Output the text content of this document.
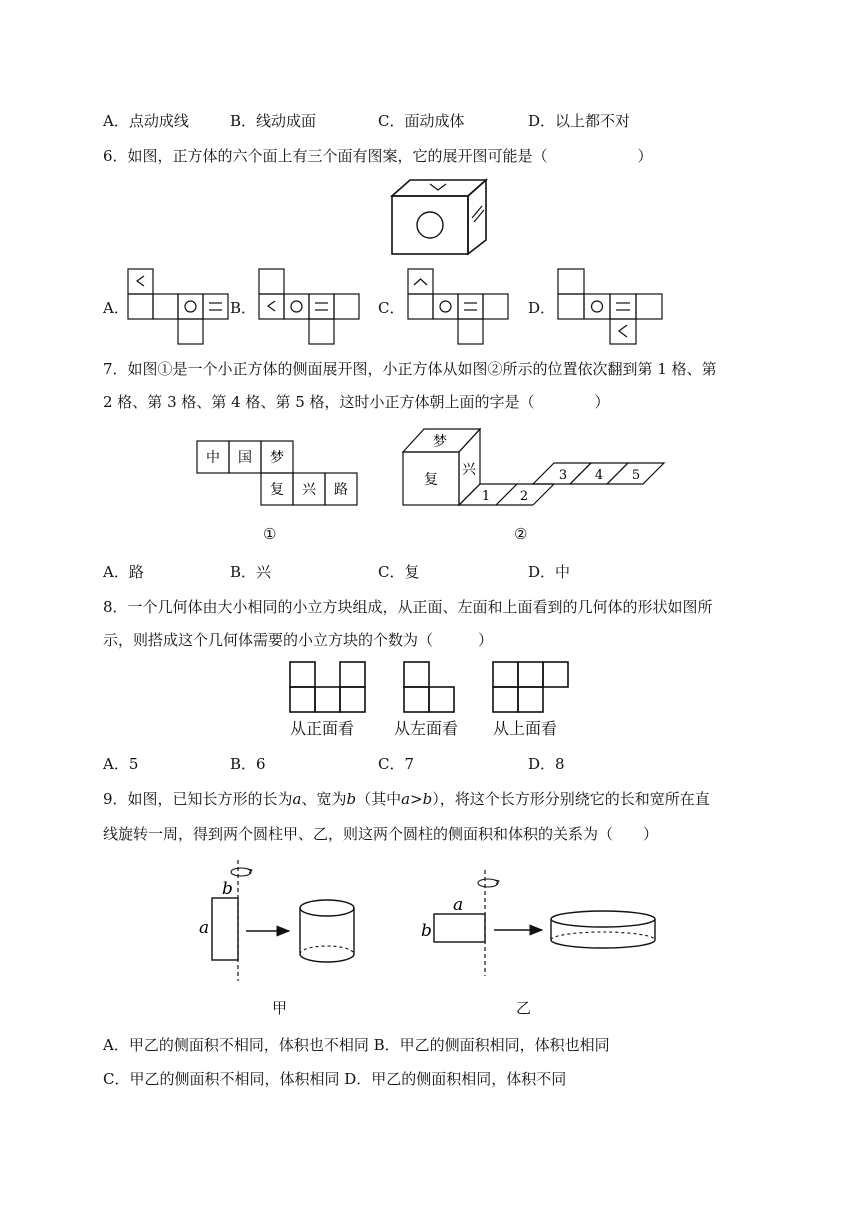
A．点动成线	B．线动成面	C．面动成体	D．以上都不对
6．如图，正方体的六个面上有三个面有图案，它的展开图可能是（　　　　　　）
A．	B．	C．	D．
7．如图①是一个小正方体的侧面展开图，小正方体从如图②所示的位置依次翻到第 1 格、第
2 格、第 3 格、第 4 格、第 5 格，这时小正方体朝上面的字是（　　　　）
中 国 梦
复 兴 路
①
梦
复
兴
1 2
3 4 5
②
A．路	B．兴	C．复	D．中
8．一个几何体由大小相同的小立方块组成，从正面、左面和上面看到的几何体的形状如图所
示，则搭成这个几何体需要的小立方块的个数为（　　　）
从正面看 从左面看 从上面看
A．5	B．6	C．7	D．8
9．如图，已知长方形的长为a、宽为b（其中a>b），将这个长方形分别绕它的长和宽所在直
线旋转一周，得到两个圆柱甲、乙，则这两个圆柱的侧面积和体积的关系为（　　）
b
a
甲
a
b
乙
A．甲乙的侧面积不相同，体积也不相同 B．甲乙的侧面积相同，体积也相同
C．甲乙的侧面积不相同，体积相同 D．甲乙的侧面积相同，体积不同
